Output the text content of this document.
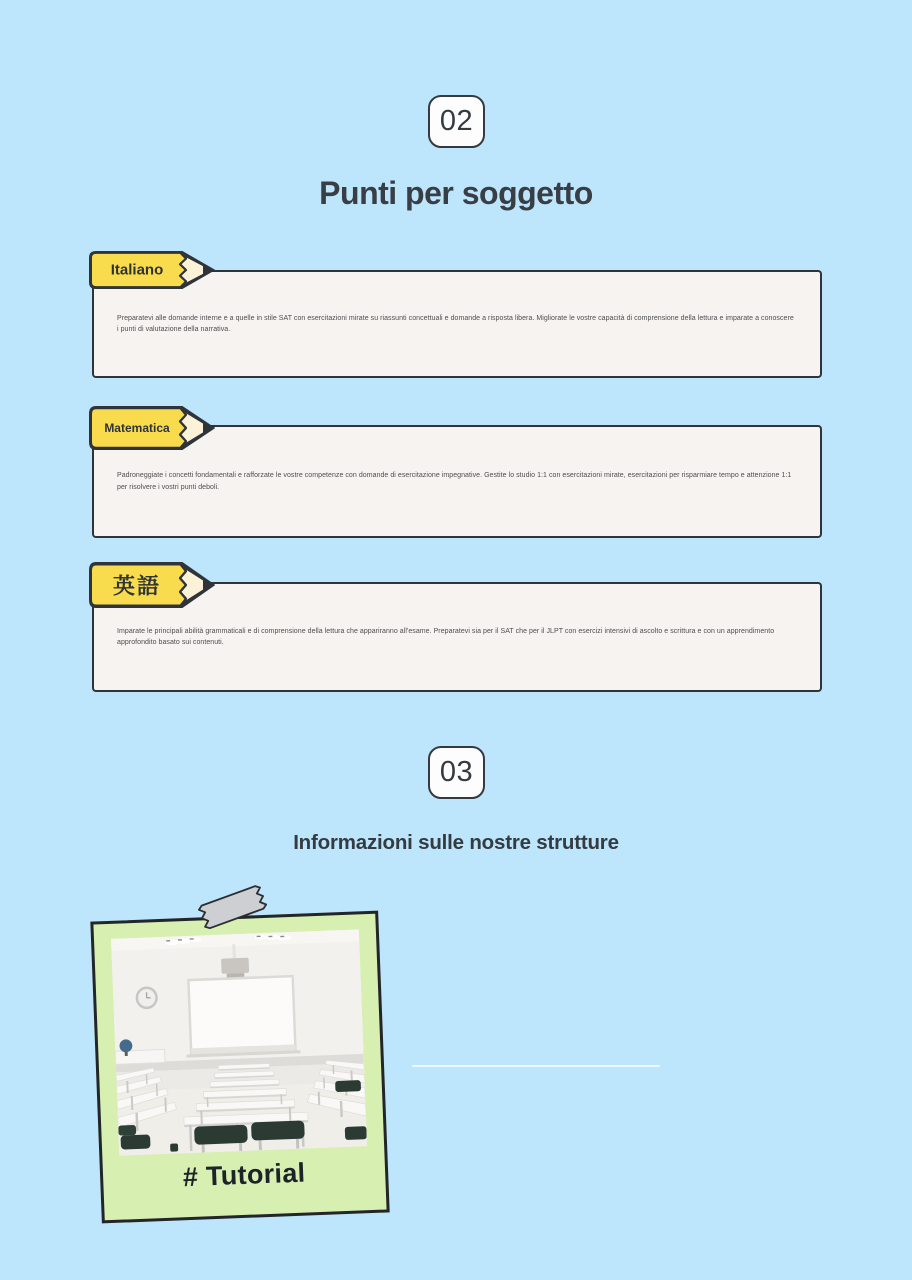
02
Punti per soggetto
Italiano

Preparatevi alle domande interne e a quelle in stile SAT con esercitazioni mirate su riassunti concettuali e domande a risposta libera. Migliorate le vostre capacità di comprensione della lettura e imparate a conoscere i punti di valutazione della narrativa.

Matematica

Padroneggiate i concetti fondamentali e rafforzate le vostre competenze con domande di esercitazione impegnative. Gestite lo studio 1:1 con esercitazioni mirate, esercitazioni per risparmiare tempo e attenzione 1:1 per risolvere i vostri punti deboli.

英語

Imparate le principali abilità grammaticali e di comprensione della lettura che appariranno all'esame. Preparatevi sia per il SAT che per il JLPT con esercizi intensivi di ascolto e scrittura e con un apprendimento approfondito basato sui contenuti.

03
Informazioni sulle nostre strutture
# Tutorial
